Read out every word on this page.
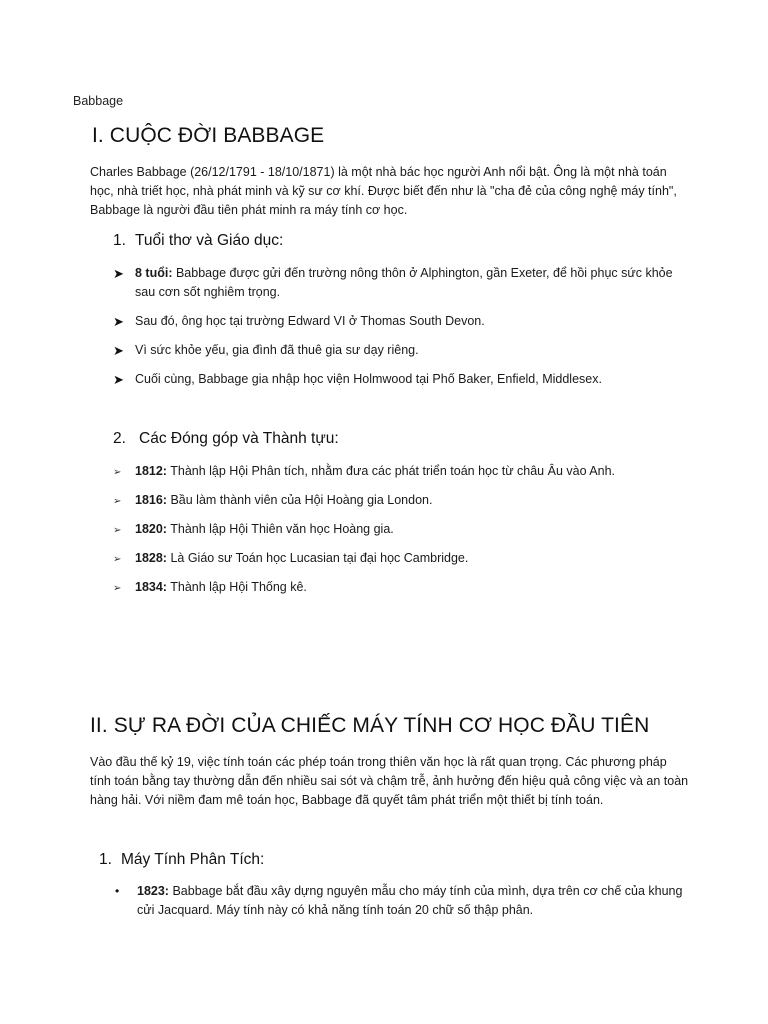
Babbage
I. CUỘC ĐỜI BABBAGE

Charles Babbage (26/12/1791 - 18/10/1871) là một nhà bác học người Anh nổi bật. Ông là một nhà toán học, nhà triết học, nhà phát minh và kỹ sư cơ khí. Được biết đến như là "cha đẻ của công nghệ máy tính", Babbage là người đầu tiên phát minh ra máy tính cơ học.

1. Tuổi thơ và Giáo dục:
➤ 8 tuổi: Babbage được gửi đến trường nông thôn ở Alphington, gần Exeter, để hồi phục sức khỏe sau cơn sốt nghiêm trọng.
➤ Sau đó, ông học tại trường Edward VI ở Thomas South Devon.
➤ Vì sức khỏe yếu, gia đình đã thuê gia sư dạy riêng.
➤ Cuối cùng, Babbage gia nhập học viện Holmwood tại Phố Baker, Enfield, Middlesex.
2. Các Đóng góp và Thành tựu:
➢	1812: Thành lập Hội Phân tích, nhằm đưa các phát triển toán học từ châu Âu vào Anh.
➢	1816: Bầu làm thành viên của Hội Hoàng gia London.
➢	1820: Thành lập Hội Thiên văn học Hoàng gia.
➢	1828: Là Giáo sư Toán học Lucasian tại đại học Cambridge.
➢	1834: Thành lập Hội Thống kê.
II. SỰ RA ĐỜI CỦA CHIẾC MÁY TÍNH CƠ HỌC ĐẦU TIÊN

Vào đầu thế kỷ 19, việc tính toán các phép toán trong thiên văn học là rất quan trọng. Các phương pháp tính toán bằng tay thường dẫn đến nhiều sai sót và chậm trễ, ảnh hưởng đến hiệu quả công việc và an toàn hàng hải. Với niềm đam mê toán học, Babbage đã quyết tâm phát triển một thiết bị tính toán.

1. Máy Tính Phân Tích:
•	1823: Babbage bắt đầu xây dựng nguyên mẫu cho máy tính của mình, dựa trên cơ chế của khung cửi Jacquard. Máy tính này có khả năng tính toán 20 chữ số thập phân.
